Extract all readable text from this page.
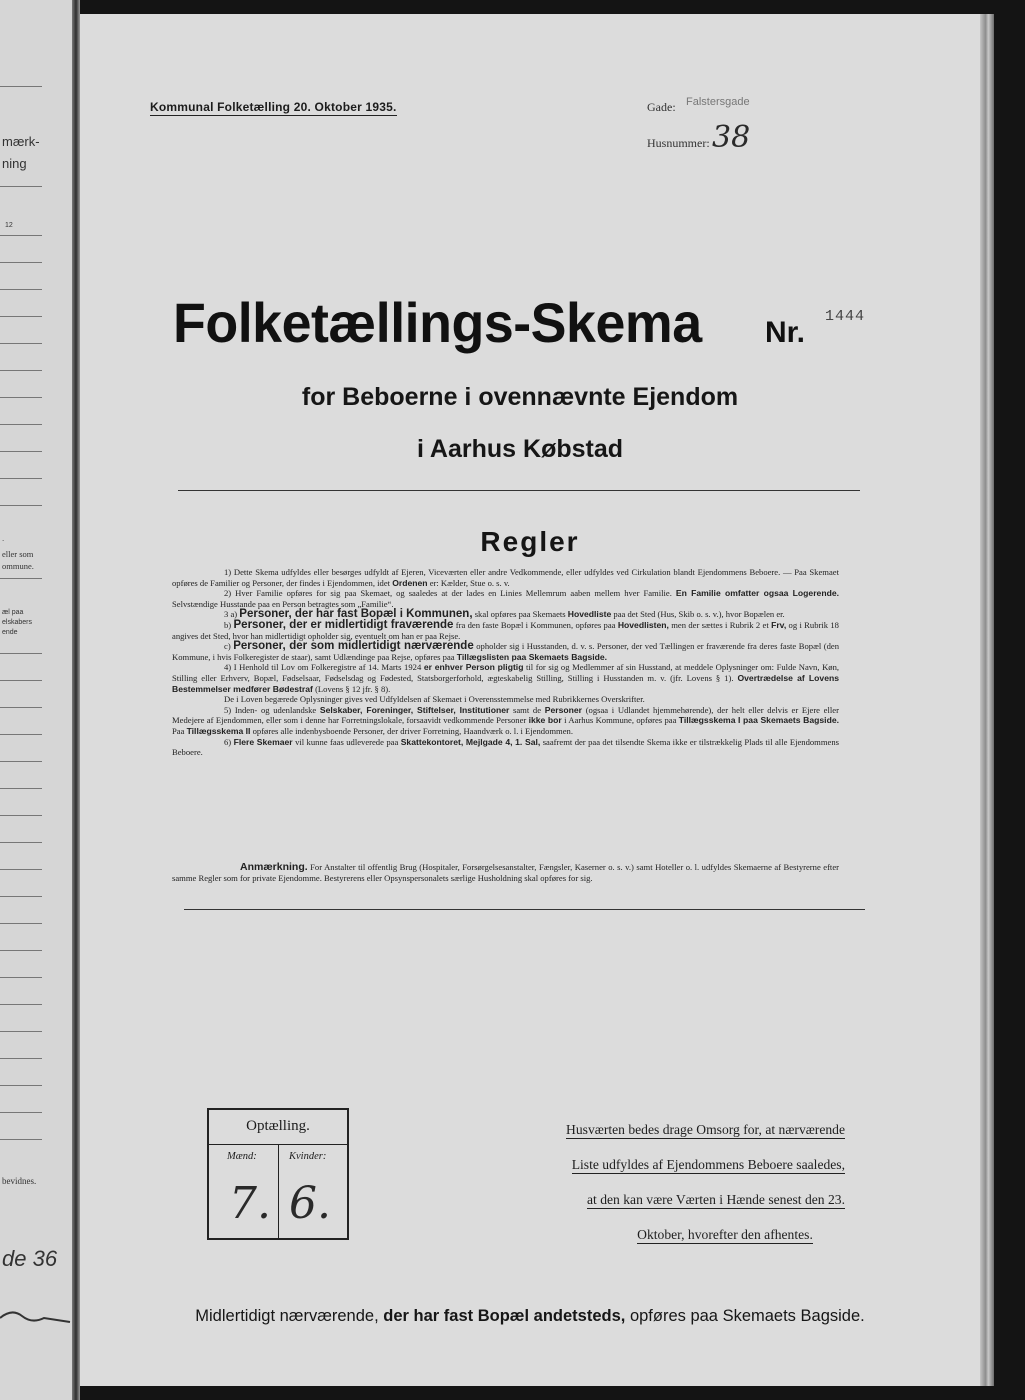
mærk-
ning
12
.
eller som
ommune.
æl paa
elskabers
ende
bevidnes.
de 36
Kommunal Folketælling 20. Oktober 1935.	Gade: Falstersgade
Husnummer: 38
Folketællings-Skema Nr. 1444
for Beboerne i ovennævnte Ejendom
i Aarhus Købstad
Regler

1) Dette Skema udfyldes eller besørges udfyldt af Ejeren, Viceværten eller andre Vedkommende, eller udfyldes ved Cirkulation blandt Ejendommens Beboere. — Paa Skemaet opføres de Familier og Personer, der findes i Ejendommen, idet Ordenen er: Kælder, Stue o. s. v.

2) Hver Familie opføres for sig paa Skemaet, og saaledes at der lades en Linies Mellemrum aaben mellem hver Familie. En Familie omfatter ogsaa Logerende. Selvstændige Husstande paa en Person betragtes som „Familie“.

3 a) Personer, der har fast Bopæl i Kommunen, skal opføres paa Skemaets Hovedliste paa det Sted (Hus, Skib o. s. v.), hvor Bopælen er.

b) Personer, der er midlertidigt fraværende fra den faste Bopæl i Kommunen, opføres paa Hovedlisten, men der sættes i Rubrik 2 et Frv, og i Rubrik 18 angives det Sted, hvor han midlertidigt opholder sig, eventuelt om han er paa Rejse.

c) Personer, der som midlertidigt nærværende opholder sig i Husstanden, d. v. s. Personer, der ved Tællingen er fraværende fra deres faste Bopæl (den Kommune, i hvis Folkeregister de staar), samt Udlændinge paa Rejse, opføres paa Tillægslisten paa Skemaets Bagside.

4) I Henhold til Lov om Folkeregistre af 14. Marts 1924 er enhver Person pligtig til for sig og Medlemmer af sin Husstand, at meddele Oplysninger om: Fulde Navn, Køn, Stilling eller Erhverv, Bopæl, Fødselsaar, Fødselsdag og Fødested, Statsborgerforhold, ægteskabelig Stilling, Stilling i Husstanden m. v. (jfr. Lovens § 1). Overtrædelse af Lovens Bestemmelser medfører Bødestraf (Lovens § 12 jfr. § 8).

De i Loven begærede Oplysninger gives ved Udfyldelsen af Skemaet i Overensstemmelse med Rubrikkernes Overskrifter.

5) Inden- og udenlandske Selskaber, Foreninger, Stiftelser, Institutioner samt de Personer (ogsaa i Udlandet hjemmehørende), der helt eller delvis er Ejere eller Medejere af Ejendommen, eller som i denne har Forretningslokale, forsaavidt vedkommende Personer ikke bor i Aarhus Kommune, opføres paa Tillægsskema I paa Skemaets Bagside. Paa Tillægsskema II opføres alle indenbysboende Personer, der driver Forretning, Haandværk o. l. i Ejendommen.

6) Flere Skemaer vil kunne faas udleverede paa Skattekontoret, Mejlgade 4, 1. Sal, saafremt der paa det tilsendte Skema ikke er tilstrækkelig Plads til alle Ejendommens Beboere.

Anmærkning. For Anstalter til offentlig Brug (Hospitaler, Forsørgelsesanstalter, Fængsler, Kaserner o. s. v.) samt Hoteller o. l. udfyldes Skemaerne af Bestyrerne efter samme Regler som for private Ejendomme. Bestyrerens eller Opsynspersonalets særlige Husholdning skal opføres for sig.

Optælling.
Mænd:	Kvinder:
7. 6.
Husværten bedes drage Omsorg for, at nærværende
Liste udfyldes af Ejendommens Beboere saaledes,
at den kan være Værten i Hænde senest den 23.
Oktober, hvorefter den afhentes.
Midlertidigt nærværende, der har fast Bopæl andetsteds, opføres paa Skemaets Bagside.
